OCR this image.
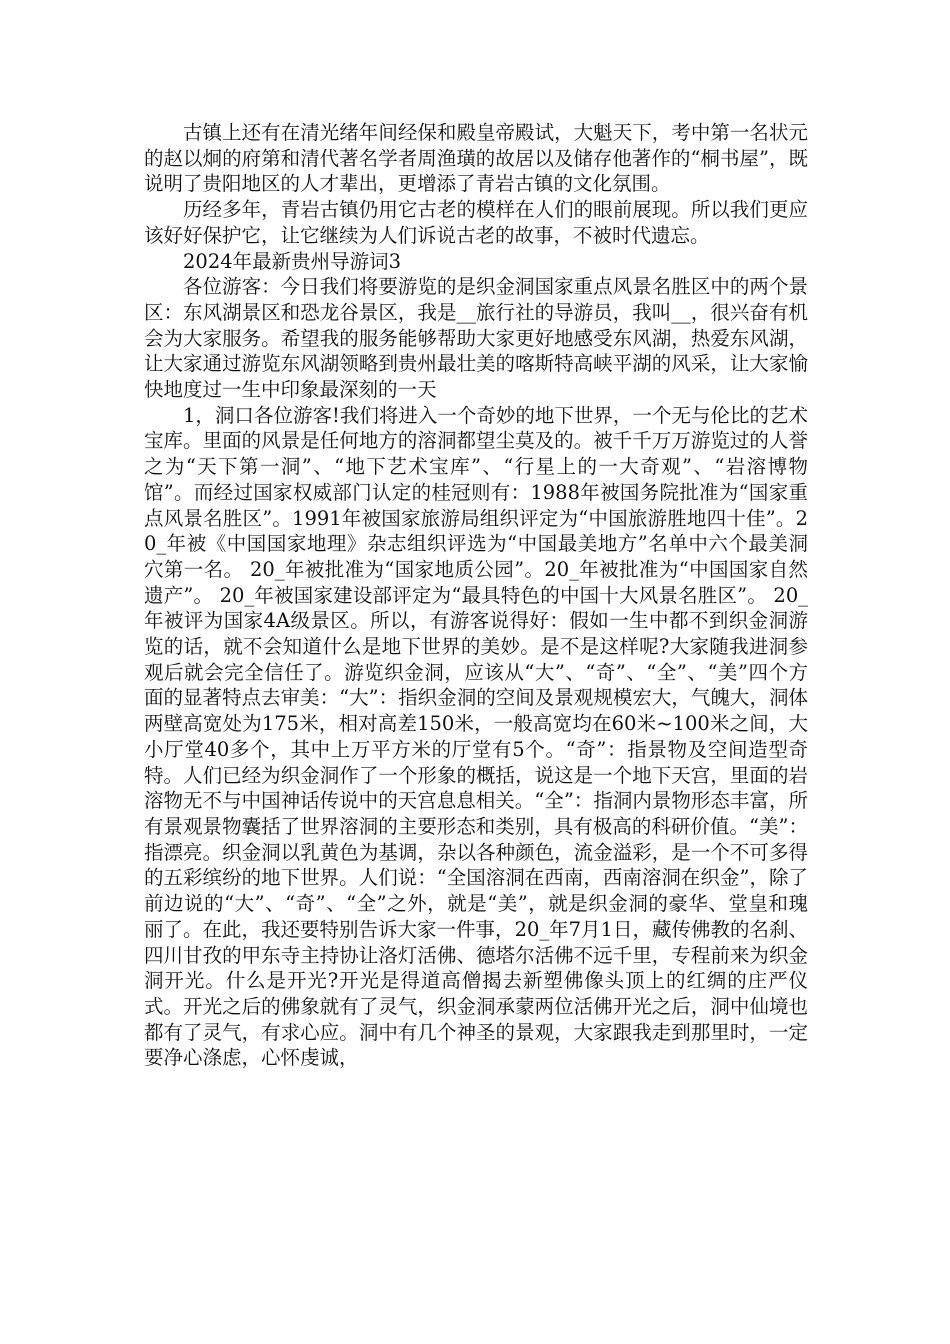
古镇上还有在清光绪年间经保和殿皇帝殿试，大魁天下，考中第一名状元的赵以炯的府第和清代著名学者周渔璜的故居以及储存他著作的“桐书屋”，既说明了贵阳地区的人才辈出，更增添了青岩古镇的文化氛围。

历经多年，青岩古镇仍用它古老的模样在人们的眼前展现。所以我们更应该好好保护它，让它继续为人们诉说古老的故事，不被时代遗忘。

2024年最新贵州导游词3

各位游客：今日我们将要游览的是织金洞国家重点风景名胜区中的两个景区：东风湖景区和恐龙谷景区，我是__旅行社的导游员，我叫__，很兴奋有机会为大家服务。希望我的服务能够帮助大家更好地感受东风湖，热爱东风湖，让大家通过游览东风湖领略到贵州最壮美的喀斯特高峡平湖的风采，让大家愉快地度过一生中印象最深刻的一天

1，洞口各位游客!我们将进入一个奇妙的地下世界，一个无与伦比的艺术宝库。里面的风景是任何地方的溶洞都望尘莫及的。被千千万万游览过的人誉之为“天下第一洞”、“地下艺术宝库”、“行星上的一大奇观”、“岩溶博物馆”。而经过国家权威部门认定的桂冠则有：1988年被国务院批准为“国家重点风景名胜区”。1991年被国家旅游局组织评定为“中国旅游胜地四十佳”。20_年被《中国国家地理》杂志组织评选为“中国最美地方”名单中六个最美洞穴第一名。 20_年被批准为“国家地质公园”。20_年被批准为“中国国家自然遗产”。 20_年被国家建设部评定为“最具特色的中国十大风景名胜区”。 20_年被评为国家4A级景区。所以，有游客说得好：假如一生中都不到织金洞游览的话，就不会知道什么是地下世界的美妙。是不是这样呢?大家随我进洞参观后就会完全信任了。游览织金洞，应该从“大”、“奇”、“全”、“美”四个方面的显著特点去审美：“大”：指织金洞的空间及景观规模宏大，气魄大，洞体两壁高宽处为175米，相对高差150米，一般高宽均在60米~100米之间，大小厅堂40多个，其中上万平方米的厅堂有5个。“奇”：指景物及空间造型奇特。人们已经为织金洞作了一个形象的概括，说这是一个地下天宫，里面的岩溶物无不与中国神话传说中的天宫息息相关。“全”：指洞内景物形态丰富，所有景观景物囊括了世界溶洞的主要形态和类别，具有极高的科研价值。“美”：指漂亮。织金洞以乳黄色为基调，杂以各种颜色，流金溢彩，是一个不可多得的五彩缤纷的地下世界。人们说：“全国溶洞在西南，西南溶洞在织金”，除了前边说的“大”、“奇”、“全”之外，就是“美”，就是织金洞的豪华、堂皇和瑰丽了。在此，我还要特别告诉大家一件事，20_年7月1日，藏传佛教的名刹、四川甘孜的甲东寺主持协让洛灯活佛、德塔尔活佛不远千里，专程前来为织金洞开光。什么是开光?开光是得道高僧揭去新塑佛像头顶上的红绸的庄严仪式。开光之后的佛象就有了灵气，织金洞承蒙两位活佛开光之后，洞中仙境也都有了灵气，有求心应。洞中有几个神圣的景观，大家跟我走到那里时，一定要净心涤虑，心怀虔诚，
